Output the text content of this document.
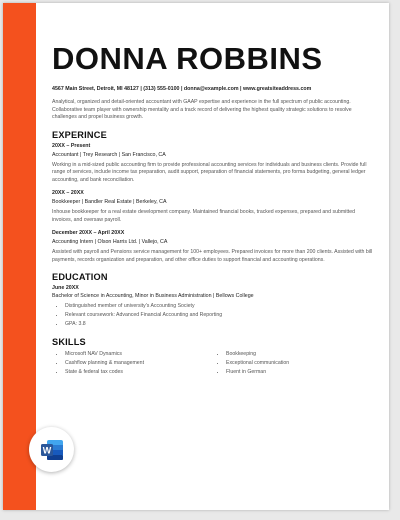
DONNA ROBBINS
4567 Main Street, Detroit, MI 48127 | (313) 555-0100 | donna@example.com | www.greatsiteaddress.com
Analytical, organized and detail-oriented accountant with GAAP expertise and experience in the full spectrum of public accounting. Collaborative team player with ownership mentality and a track record of delivering the highest quality strategic solutions to resolve challenges and propel business growth.
EXPERINCE
20XX – Present
Accountant | Trey Research | San Francisco, CA
Working in a mid-sized public accounting firm to provide professional accounting services for individuals and business clients. Provide full range of services, include income tax preparation, audit support, preparation of financial statements, pro forma budgeting, general ledger accounting, and bank reconciliation.
20XX – 20XX
Bookkeeper | Bandler Real Estate | Berkeley, CA
Inhouse bookkeeper for a real estate development company. Maintained financial books, tracked expenses, prepared and submitted invoices, and oversaw payroll.
December 20XX – April 20XX
Accounting Intern | Olson Harris Ltd. | Vallejo, CA
Assisted with payroll and Pensions service management for 100+ employees. Prepared invoices for more than 200 clients. Assisted with bill payments, records organization and preparation, and other office duties to support financial and accounting operations.
EDUCATION
June 20XX
Bachelor of Science in Accounting, Minor in Business Administration | Bellows College
• Distinguished member of university's Accounting Society
• Relevant coursework: Advanced Financial Accounting and Reporting
• GPA: 3.8
SKILLS
• Microsoft NAV Dynamics
• Cashflow planning & management
• State & federal tax codes
• Bookkeeping
• Exceptional communication
• Fluent in German
W
